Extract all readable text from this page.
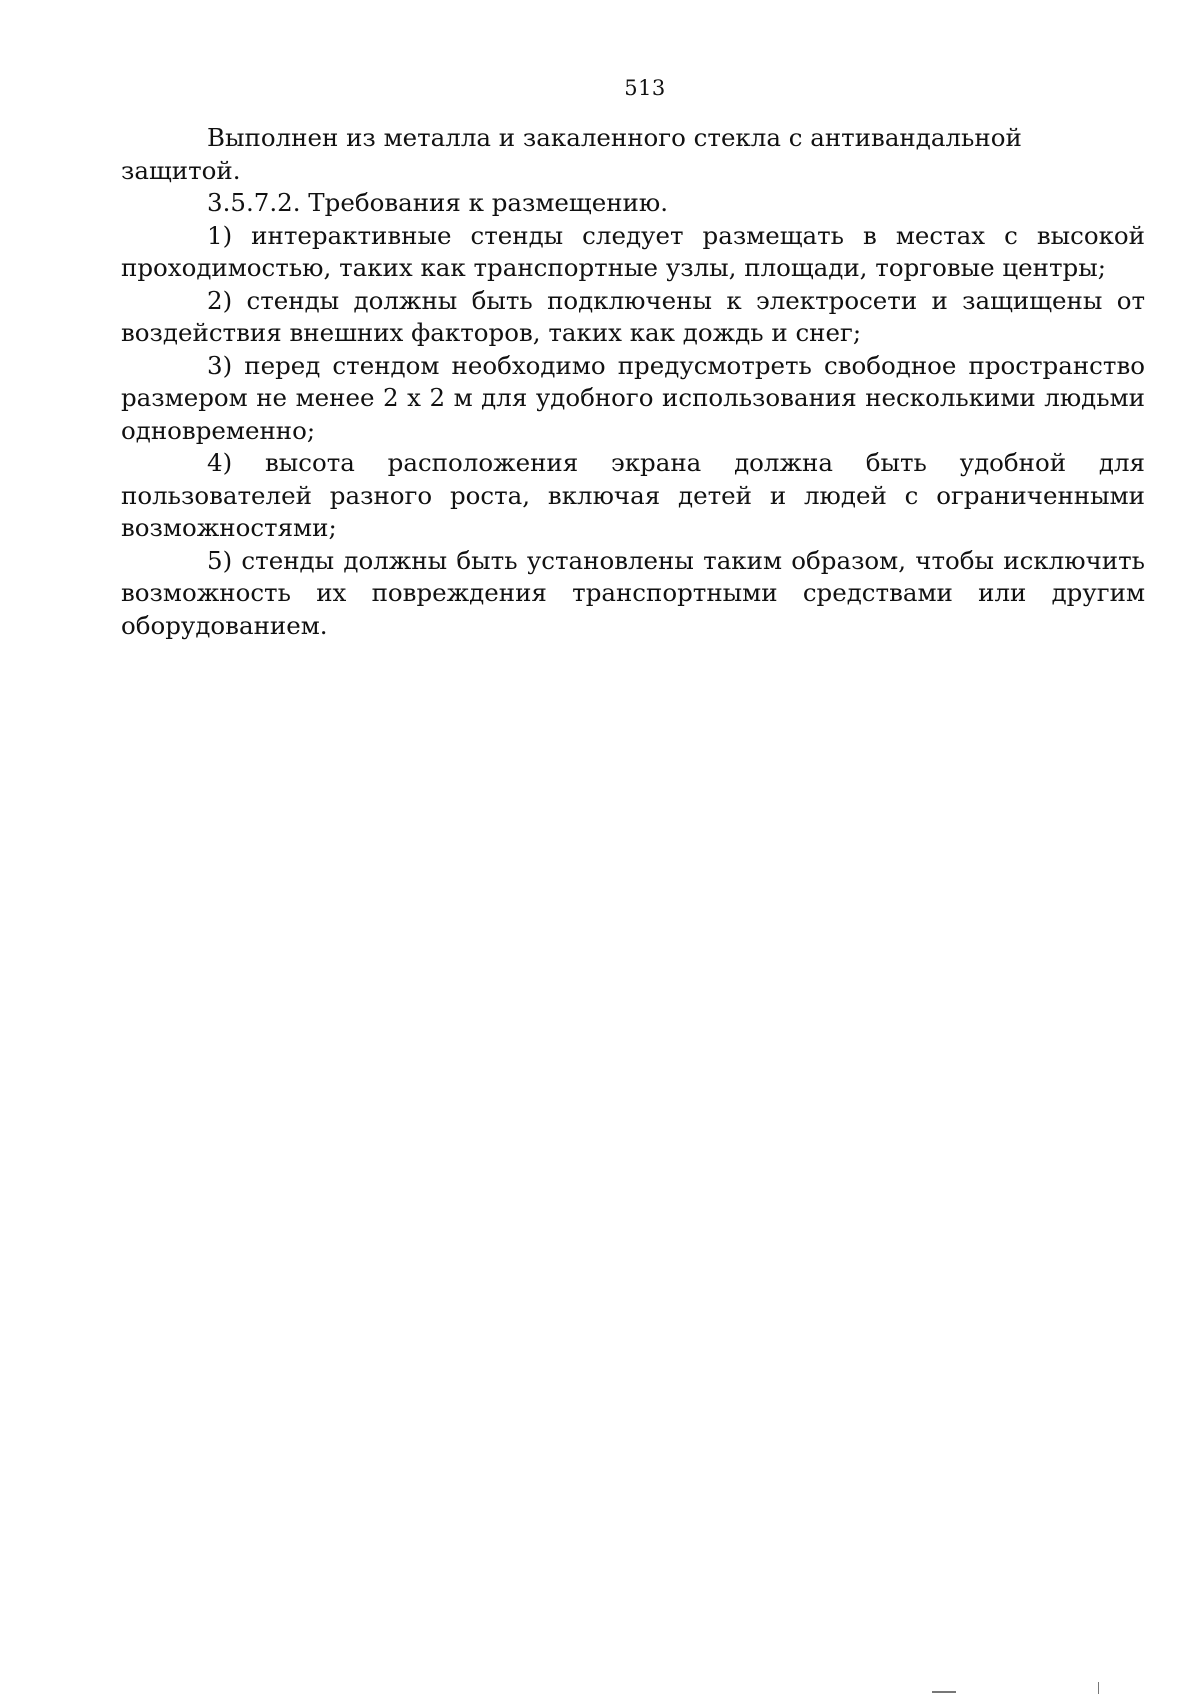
513

Выполнен из металла и закаленного стекла с антивандальной защитой.

3.5.7.2. Требования к размещению.

1) интерактивные стенды следует размещать в местах с высокой проходимостью, таких как транспортные узлы, площади, торговые центры;

2) стенды должны быть подключены к электросети и защищены от воздействия внешних факторов, таких как дождь и снег;

3) перед стендом необходимо предусмотреть свободное пространство размером не менее 2 х 2 м для удобного использования несколькими людьми одновременно;

4) высота расположения экрана должна быть удобной для пользователей разного роста, включая детей и людей с ограниченными возможностями;

5) стенды должны быть установлены таким образом, чтобы исключить возможность их повреждения транспортными средствами или другим оборудованием.
